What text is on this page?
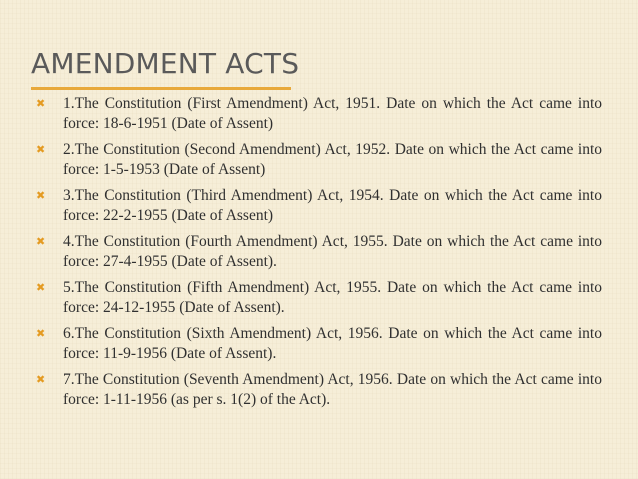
AMENDMENT ACTS
✖	1.The Constitution (First Amendment) Act, 1951. Date on which the Act came into force: 18-6-1951 (Date of Assent)
✖	2.The Constitution (Second Amendment) Act, 1952. Date on which the Act came into force: 1-5-1953 (Date of Assent)
✖	3.The Constitution (Third Amendment) Act, 1954. Date on which the Act came into force: 22-2-1955 (Date of Assent)
✖	4.The Constitution (Fourth Amendment) Act, 1955. Date on which the Act came into force: 27-4-1955 (Date of Assent).
✖	5.The Constitution (Fifth Amendment) Act, 1955. Date on which the Act came into force: 24-12-1955 (Date of Assent).
✖	6.The Constitution (Sixth Amendment) Act, 1956. Date on which the Act came into force: 11-9-1956 (Date of Assent).
✖	7.The Constitution (Seventh Amendment) Act, 1956. Date on which the Act came into force: 1-11-1956 (as per s. 1(2) of the Act).
